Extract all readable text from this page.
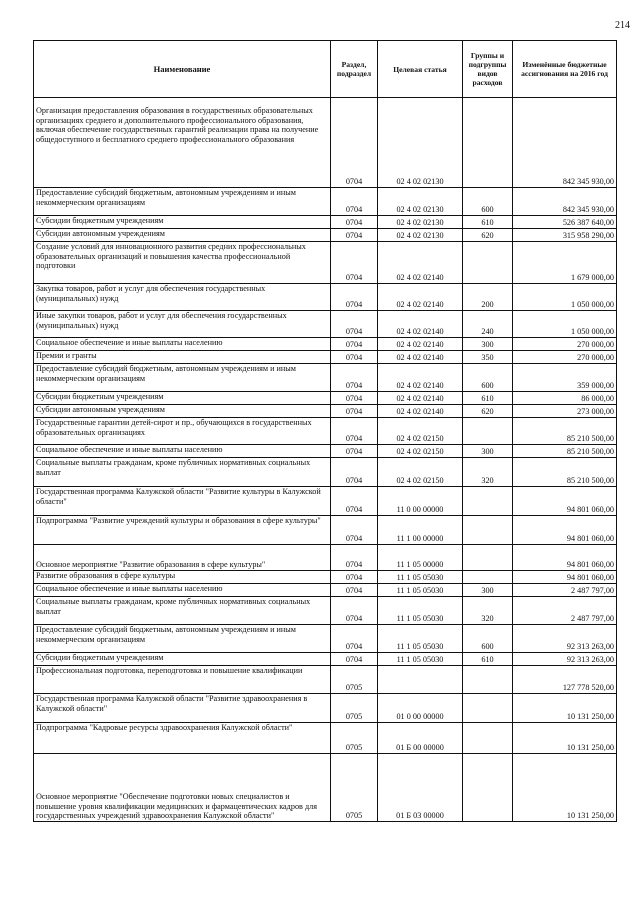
214
Наименование	Раздел, подраздел	Целевая статья	Группы и подгруппы видов расходов	Изменённые бюджетные ассигнования на 2016 год
Организация предоставления образования в государственных образовательных организациях среднего и дополнительного профессионального образования, включая обеспечение государственных гарантий реализации права на получение общедоступного и бесплатного среднего профессионального образования	0704	02 4 02 02130		842 345 930,00
Предоставление субсидий бюджетным, автономным учреждениям и иным некоммерческим организациям	0704	02 4 02 02130	600	842 345 930,00
Субсидии бюджетным учреждениям	0704	02 4 02 02130	610	526 387 640,00
Субсидии автономным учреждениям	0704	02 4 02 02130	620	315 958 290,00
Создание условий для инновационного развития средних профессиональных образовательных организаций и повышения качества профессиональной подготовки	0704	02 4 02 02140		1 679 000,00
Закупка товаров, работ и услуг для обеспечения государственных (муниципальных) нужд	0704	02 4 02 02140	200	1 050 000,00
Иные закупки товаров, работ и услуг для обеспечения государственных (муниципальных) нужд	0704	02 4 02 02140	240	1 050 000,00
Социальное обеспечение и иные выплаты населению	0704	02 4 02 02140	300	270 000,00
Премии и гранты	0704	02 4 02 02140	350	270 000,00
Предоставление субсидий бюджетным, автономным учреждениям и иным некоммерческим организациям	0704	02 4 02 02140	600	359 000,00
Субсидии бюджетным учреждениям	0704	02 4 02 02140	610	86 000,00
Субсидии автономным учреждениям	0704	02 4 02 02140	620	273 000,00
Государственные гарантии детей-сирот и пр., обучающихся в государственных образовательных организациях	0704	02 4 02 02150		85 210 500,00
Социальное обеспечение и иные выплаты населению	0704	02 4 02 02150	300	85 210 500,00
Социальные выплаты гражданам, кроме публичных нормативных социальных выплат	0704	02 4 02 02150	320	85 210 500,00
Государственная программа Калужской области "Развитие культуры в Калужской области"	0704	11 0 00 00000		94 801 060,00
Подпрограмма "Развитие учреждений культуры и образования в сфере культуры"	0704	11 1 00 00000		94 801 060,00
Основное мероприятие "Развитие образования в сфере культуры"	0704	11 1 05 00000		94 801 060,00
Развитие образования в сфере культуры	0704	11 1 05 05030		94 801 060,00
Социальное обеспечение и иные выплаты населению	0704	11 1 05 05030	300	2 487 797,00
Социальные выплаты гражданам, кроме публичных нормативных социальных выплат	0704	11 1 05 05030	320	2 487 797,00
Предоставление субсидий бюджетным, автономным учреждениям и иным некоммерческим организациям	0704	11 1 05 05030	600	92 313 263,00
Субсидии бюджетным учреждениям	0704	11 1 05 05030	610	92 313 263,00
Профессиональная подготовка, переподготовка и повышение квалификации	0705			127 778 520,00
Государственная программа Калужской области "Развитие здравоохранения в Калужской области"	0705	01 0 00 00000		10 131 250,00
Подпрограмма "Кадровые ресурсы здравоохранения Калужской области"	0705	01 Б 00 00000		10 131 250,00
Основное мероприятие "Обеспечение подготовки новых специалистов и повышение уровня квалификации медицинских и фармацевтических кадров для государственных учреждений здравоохранения Калужской области"	0705	01 Б 03 00000		10 131 250,00
